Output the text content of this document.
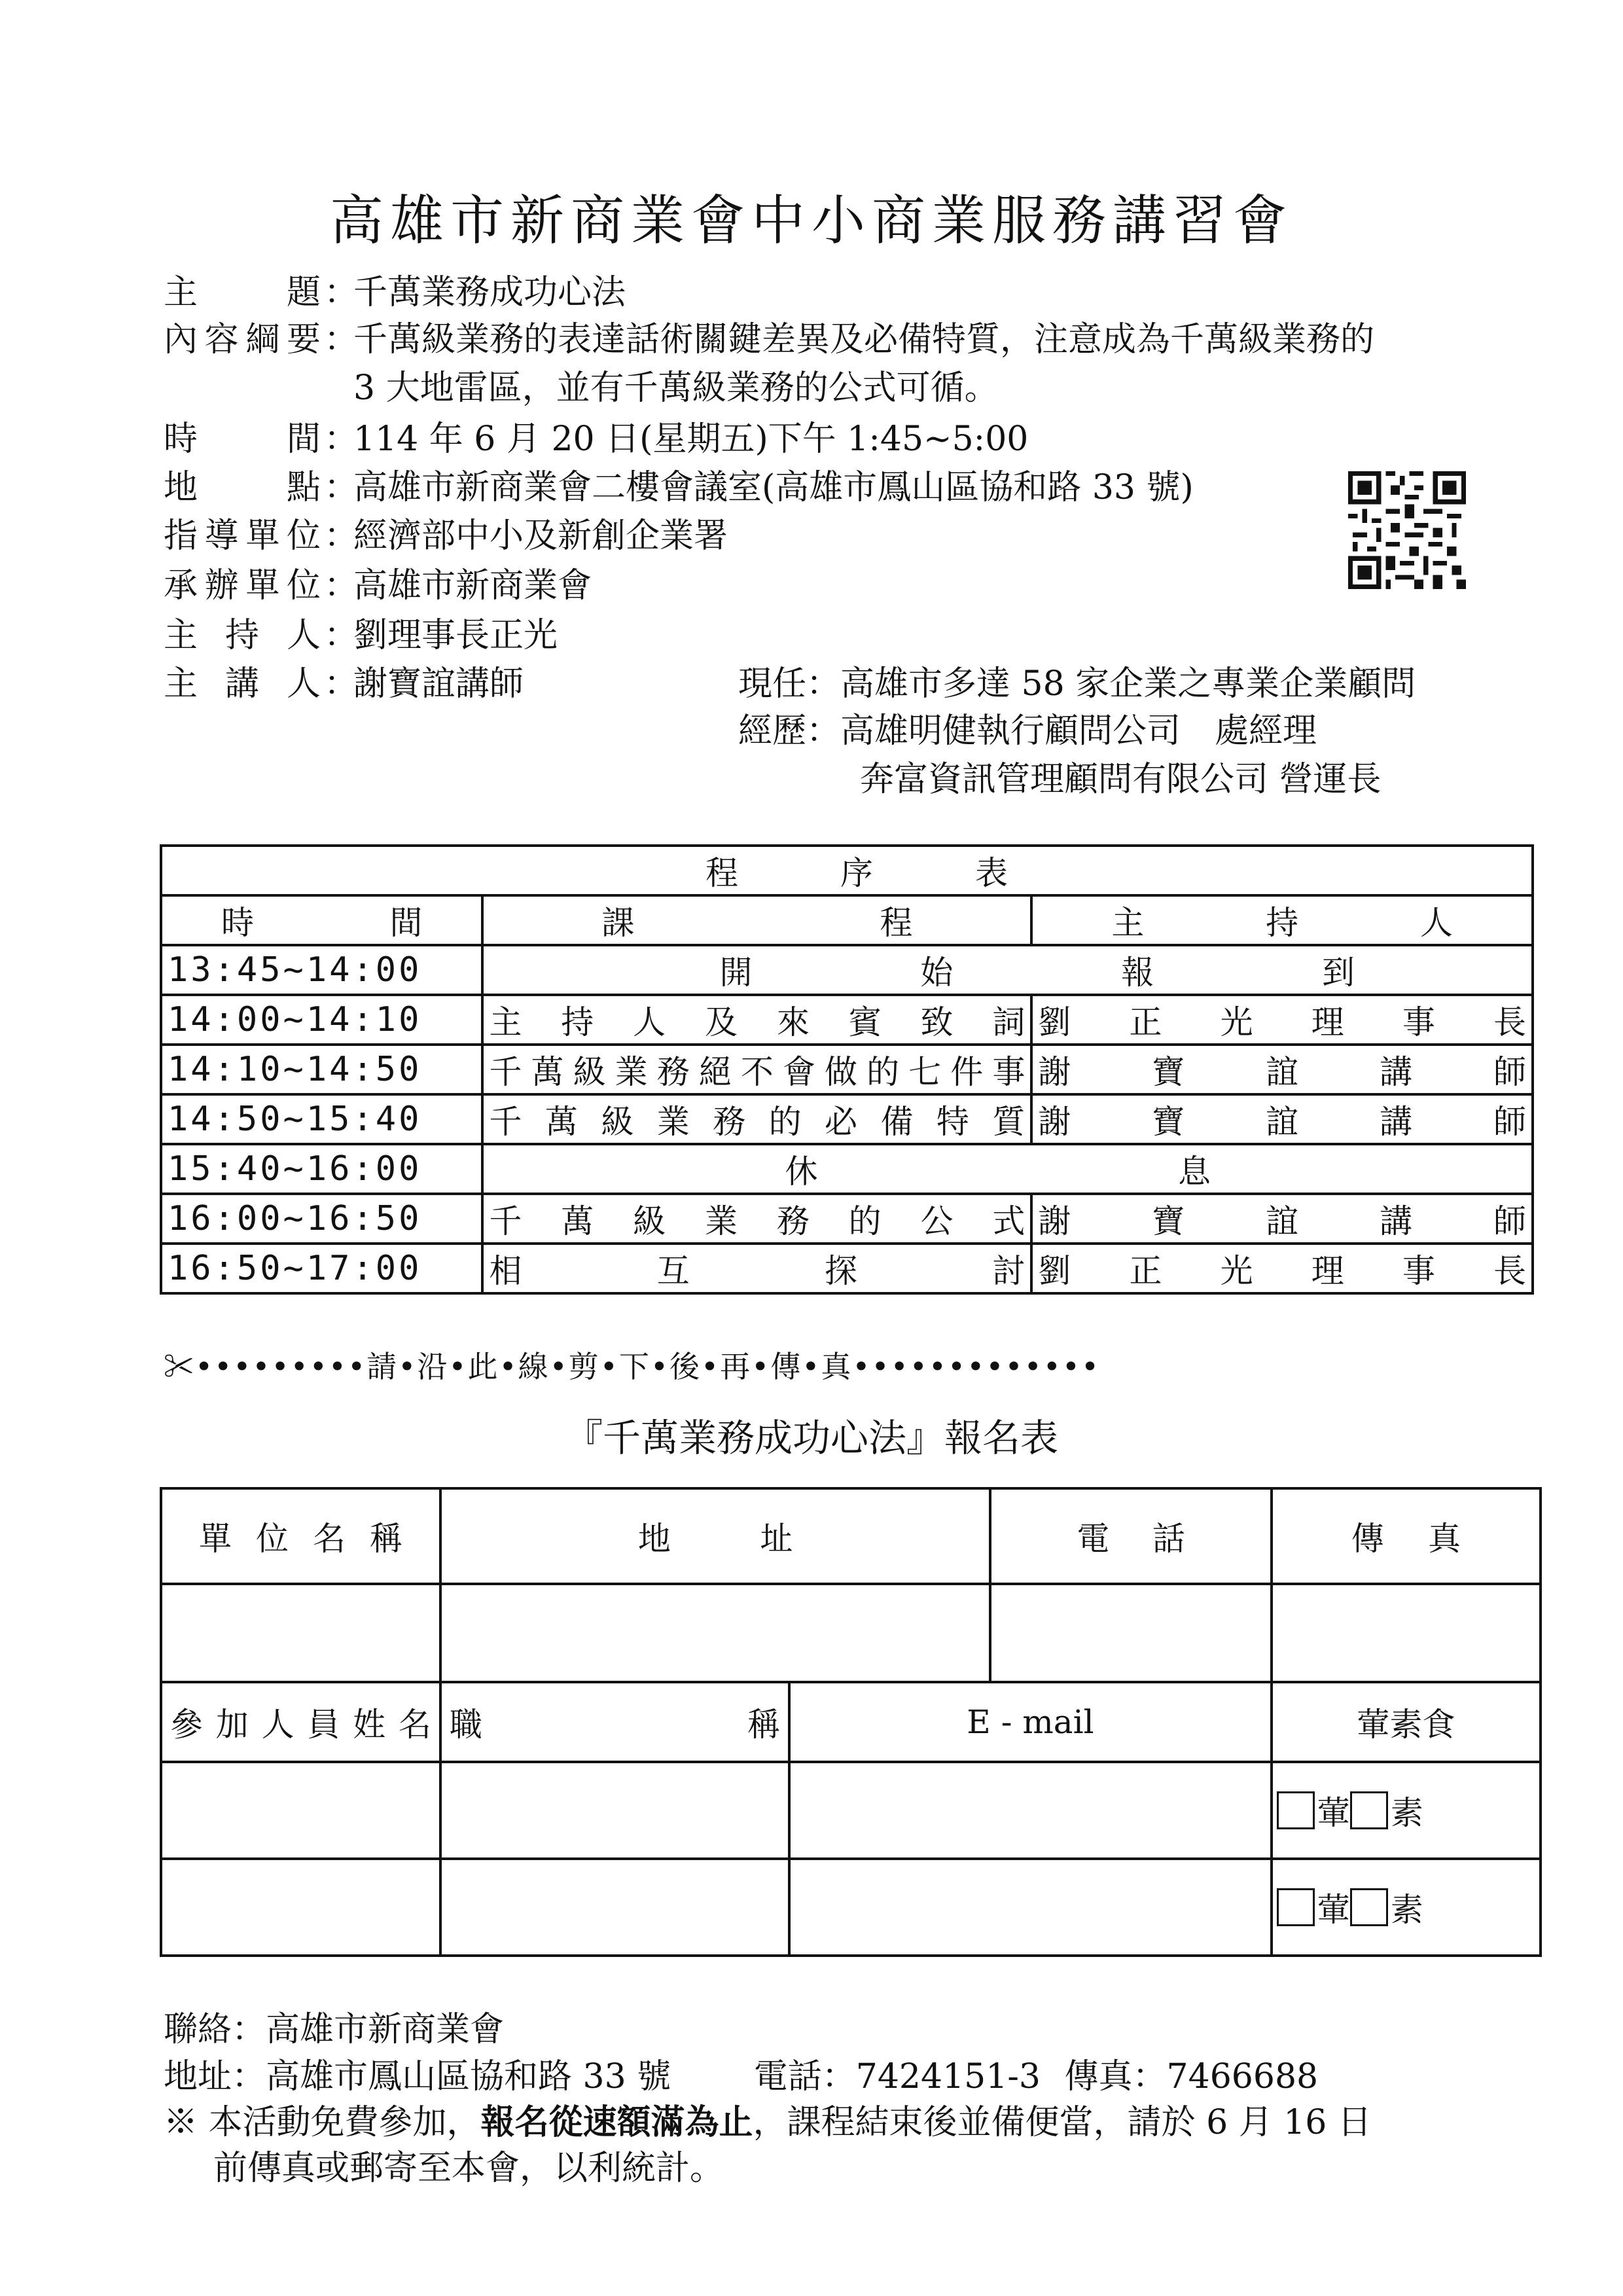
高雄市新商業會中小商業服務講習會
主題 ：
千萬業務成功心法
內容綱要 ：
千萬級業務的表達話術關鍵差異及必備特質，注意成為千萬級業務的
3 大地雷區，並有千萬級業務的公式可循。
時間 ：
114 年 6 月 20 日(星期五)下午 1:45~5:00
地點 ：
高雄市新商業會二樓會議室(高雄市鳳山區協和路 33 號)
指導單位 ：
經濟部中小及新創企業署
承辦單位 ：
高雄市新商業會
主持人 ：
劉理事長正光
主講人 ：
謝寶誼講師	現任：高雄市多達 58 家企業之專業企業顧問
經歷：高雄明健執行顧問公司　處經理
奔富資訊管理顧問有限公司 營運長
程序表		
時間	課程	主持人
13:45~14:00	開始報到	
14:00~14:10	主持人及來賓致詞	劉正光理事長
14:10~14:50	千萬級業務絕不會做的七件事	謝寶誼講師
14:50~15:40	千萬級業務的必備特質	謝寶誼講師
15:40~16:00	休息	
16:00~16:50	千萬級業務的公式	謝寶誼講師
16:50~17:00	相互探討	劉正光理事長
✂•••••••••請•沿•此•線•剪•下•後•再•傳•真•••••••••••••
『千萬業務成功心法』報名表
單位名稱	地址		電話	傳真

參加人員姓名	職稱	E - mail		葷素食
				葷 素
				葷 素
聯絡：高雄市新商業會
地址：高雄市鳳山區協和路 33 號 電話：7424151-3 傳真：7466688
※ 本活動免費參加，報名從速額滿為止，課程結束後並備便當，請於 6 月 16 日
前傳真或郵寄至本會，以利統計。
